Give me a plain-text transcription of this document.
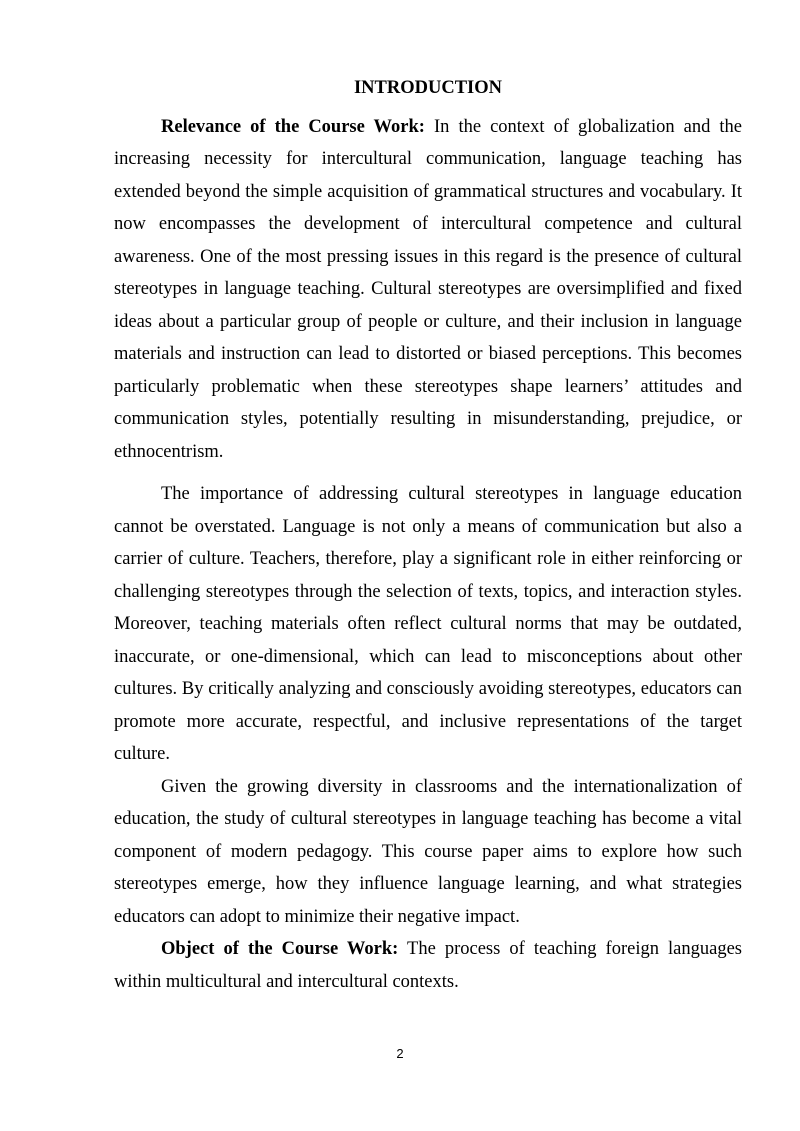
INTRODUCTION

Relevance of the Course Work: In the context of globalization and the increasing necessity for intercultural communication, language teaching has extended beyond the simple acquisition of grammatical structures and vocabulary. It now encompasses the development of intercultural competence and cultural awareness. One of the most pressing issues in this regard is the presence of cultural stereotypes in language teaching. Cultural stereotypes are oversimplified and fixed ideas about a particular group of people or culture, and their inclusion in language materials and instruction can lead to distorted or biased perceptions. This becomes particularly problematic when these stereotypes shape learners’ attitudes and communication styles, potentially resulting in misunderstanding, prejudice, or ethnocentrism.

The importance of addressing cultural stereotypes in language education cannot be overstated. Language is not only a means of communication but also a carrier of culture. Teachers, therefore, play a significant role in either reinforcing or challenging stereotypes through the selection of texts, topics, and interaction styles. Moreover, teaching materials often reflect cultural norms that may be outdated, inaccurate, or one-dimensional, which can lead to misconceptions about other cultures. By critically analyzing and consciously avoiding stereotypes, educators can promote more accurate, respectful, and inclusive representations of the target culture.

Given the growing diversity in classrooms and the internationalization of education, the study of cultural stereotypes in language teaching has become a vital component of modern pedagogy. This course paper aims to explore how such stereotypes emerge, how they influence language learning, and what strategies educators can adopt to minimize their negative impact.

Object of the Course Work: The process of teaching foreign languages within multicultural and intercultural contexts.

2
